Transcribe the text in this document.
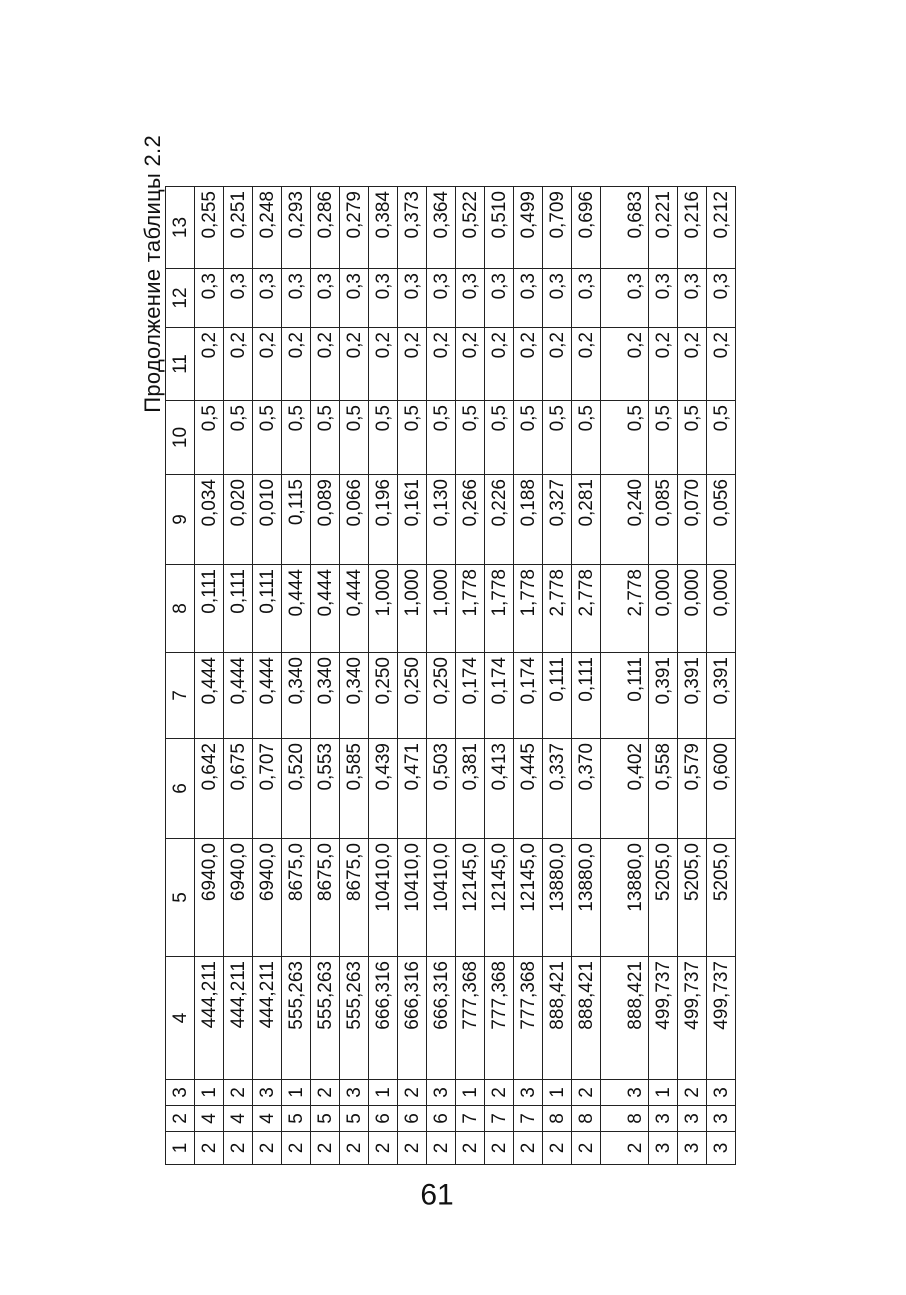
Продолжение таблицы 2.2
1	2	3	4	5	6	7	8	9	10	11	12	13
2	4	1	444,211	6940,0	0,642	0,444	0,111	0,034	0,5	0,2	0,3	0,255
2	4	2	444,211	6940,0	0,675	0,444	0,111	0,020	0,5	0,2	0,3	0,251
2	4	3	444,211	6940,0	0,707	0,444	0,111	0,010	0,5	0,2	0,3	0,248
2	5	1	555,263	8675,0	0,520	0,340	0,444	0,115	0,5	0,2	0,3	0,293
2	5	2	555,263	8675,0	0,553	0,340	0,444	0,089	0,5	0,2	0,3	0,286
2	5	3	555,263	8675,0	0,585	0,340	0,444	0,066	0,5	0,2	0,3	0,279
2	6	1	666,316	10410,0	0,439	0,250	1,000	0,196	0,5	0,2	0,3	0,384
2	6	2	666,316	10410,0	0,471	0,250	1,000	0,161	0,5	0,2	0,3	0,373
2	6	3	666,316	10410,0	0,503	0,250	1,000	0,130	0,5	0,2	0,3	0,364
2	7	1	777,368	12145,0	0,381	0,174	1,778	0,266	0,5	0,2	0,3	0,522
2	7	2	777,368	12145,0	0,413	0,174	1,778	0,226	0,5	0,2	0,3	0,510
2	7	3	777,368	12145,0	0,445	0,174	1,778	0,188	0,5	0,2	0,3	0,499
2	8	1	888,421	13880,0	0,337	0,111	2,778	0,327	0,5	0,2	0,3	0,709
2	8	2	888,421	13880,0	0,370	0,111	2,778	0,281	0,5	0,2	0,3	0,696
2	8	3	888,421	13880,0	0,402	0,111	2,778	0,240	0,5	0,2	0,3	0,683
3	3	1	499,737	5205,0	0,558	0,391	0,000	0,085	0,5	0,2	0,3	0,221
3	3	2	499,737	5205,0	0,579	0,391	0,000	0,070	0,5	0,2	0,3	0,216
3	3	3	499,737	5205,0	0,600	0,391	0,000	0,056	0,5	0,2	0,3	0,212
61
